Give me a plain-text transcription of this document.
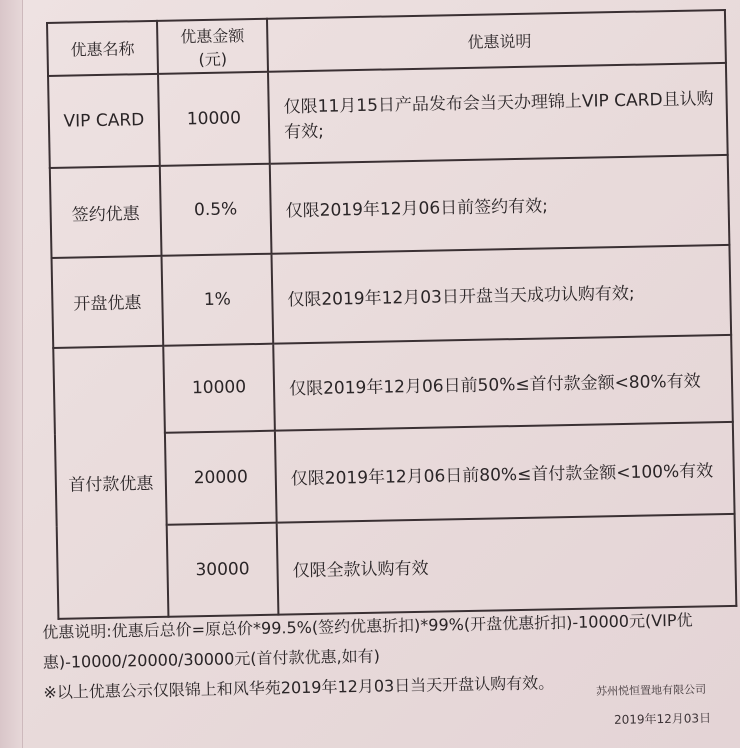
优惠名称	优惠金额(元)	优惠说明
VIP CARD	10000	仅限11月15日产品发布会当天办理锦上VIP CARD且认购有效;
签约优惠	0.5%	仅限2019年12月06日前签约有效;
开盘优惠	1%	仅限2019年12月03日开盘当天成功认购有效;
首付款优惠	10000	仅限2019年12月06日前50%≤首付款金额<80%有效
	20000	仅限2019年12月06日前80%≤首付款金额<100%有效
	30000	仅限全款认购有效

优惠说明:优惠后总价=原总价*99.5%(签约优惠折扣)*99%(开盘优惠折扣)-10000元(VIP优

惠)-10000/20000/30000元(首付款优惠,如有)

※以上优惠公示仅限锦上和风华苑2019年12月03日当天开盘认购有效。	苏州悦恒置地有限公司
2019年12月03日
